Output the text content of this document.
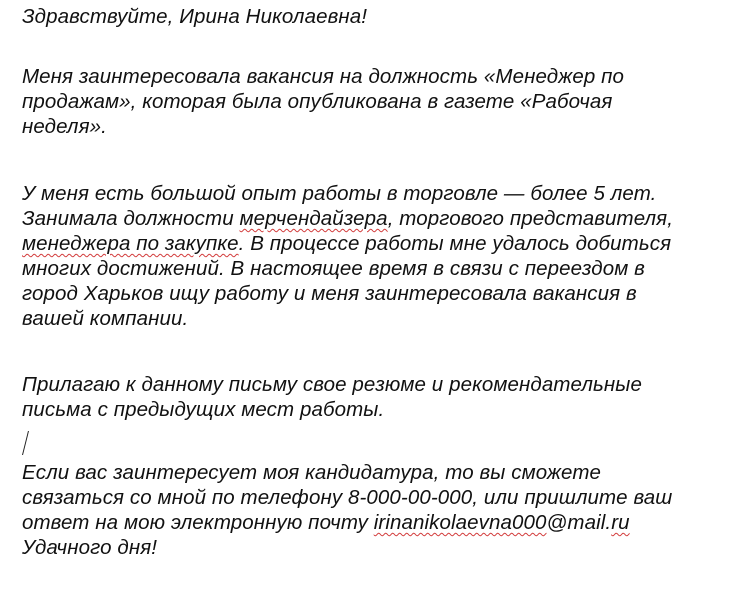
Здравствуйте, Ирина Николаевна!
Меня заинтересовала вакансия на должность «Менеджер по
продажам», которая была опубликована в газете «Рабочая
неделя».
У меня есть большой опыт работы в торговле — более 5 лет.
Занимала должности мерчендайзера, торгового представителя,
менеджера по закупке. В процессе работы мне удалось добиться
многих достижений. В настоящее время в связи с переездом в
город Харьков ищу работу и меня заинтересовала вакансия в
вашей компании.
Прилагаю к данному письму свое резюме и рекомендательные
письма с предыдущих мест работы.
Если вас заинтересует моя кандидатура, то вы сможете
связаться со мной по телефону 8-000-00-000, или пришлите ваш
ответ на мою электронную почту irinanikolaevna000@mail.ru
Удачного дня!
